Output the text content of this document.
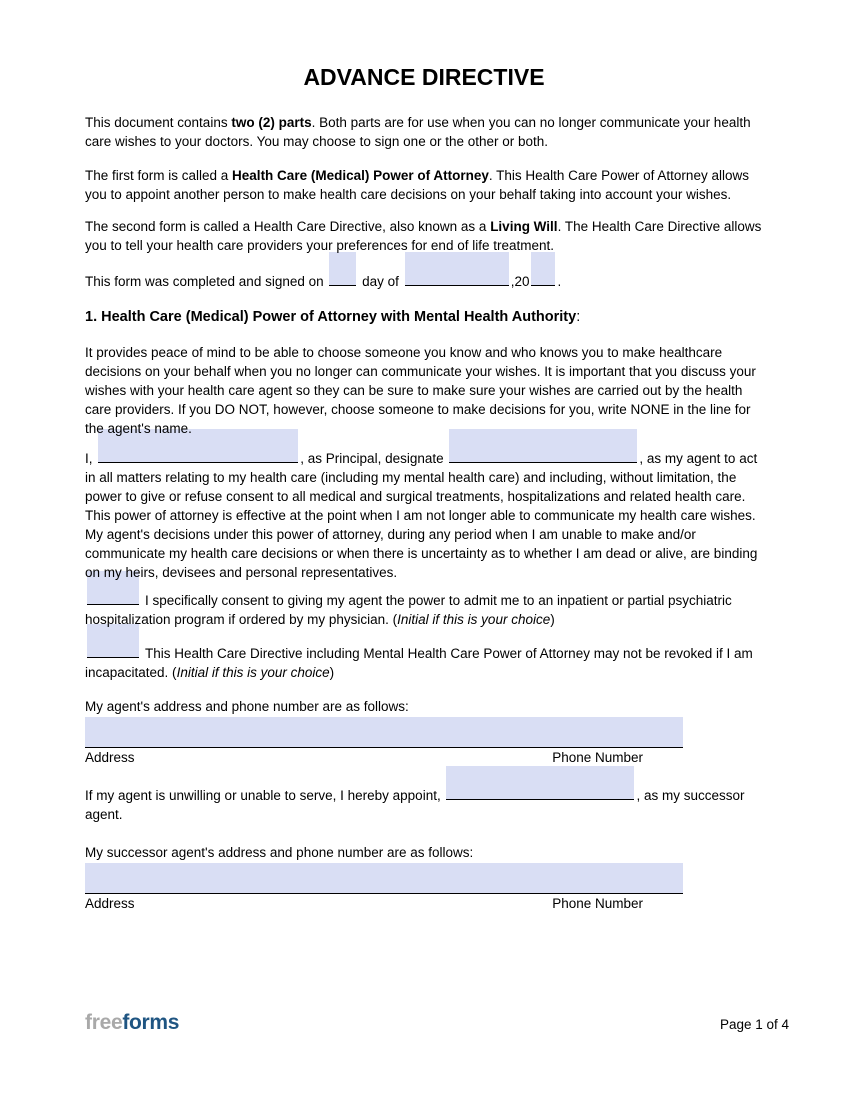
ADVANCE DIRECTIVE

This document contains two (2) parts. Both parts are for use when you can no longer communicate your health care wishes to your doctors. You may choose to sign one or the other or both.

The first form is called a Health Care (Medical) Power of Attorney. This Health Care Power of Attorney allows you to appoint another person to make health care decisions on your behalf taking into account your wishes.

The second form is called a Health Care Directive, also known as a Living Will. The Health Care Directive allows you to tell your health care providers your preferences for end of life treatment.

This form was completed and signed on	day of	,20 .

1. Health Care (Medical) Power of Attorney with Mental Health Authority:

It provides peace of mind to be able to choose someone you know and who knows you to make healthcare decisions on your behalf when you no longer can communicate your wishes. It is important that you discuss your wishes with your health care agent so they can be sure to make sure your wishes are carried out by the health care providers. If you DO NOT, however, choose someone to make decisions for you, write NONE in the line for the agent's name.

I,	, as Principal, designate	, as my agent to act in all matters relating to my health care (including my mental health care) and including, without limitation, the power to give or refuse consent to all medical and surgical treatments, hospitalizations and related health care. This power of attorney is effective at the point when I am not longer able to communicate my health care wishes. My agent's decisions under this power of attorney, during any period when I am unable to make and/or communicate my health care decisions or when there is uncertainty as to whether I am dead or alive, are binding on my heirs, devisees and personal representatives.

I specifically consent to giving my agent the power to admit me to an inpatient or partial psychiatric hospitalization program if ordered by my physician. (Initial if this is your choice)

This Health Care Directive including Mental Health Care Power of Attorney may not be revoked if I am incapacitated. (Initial if this is your choice)

My agent's address and phone number are as follows:

Address	Phone Number

If my agent is unwilling or unable to serve, I hereby appoint,	, as my successor agent.

My successor agent's address and phone number are as follows:

Address	Phone Number
freeforms	Page 1 of 4
